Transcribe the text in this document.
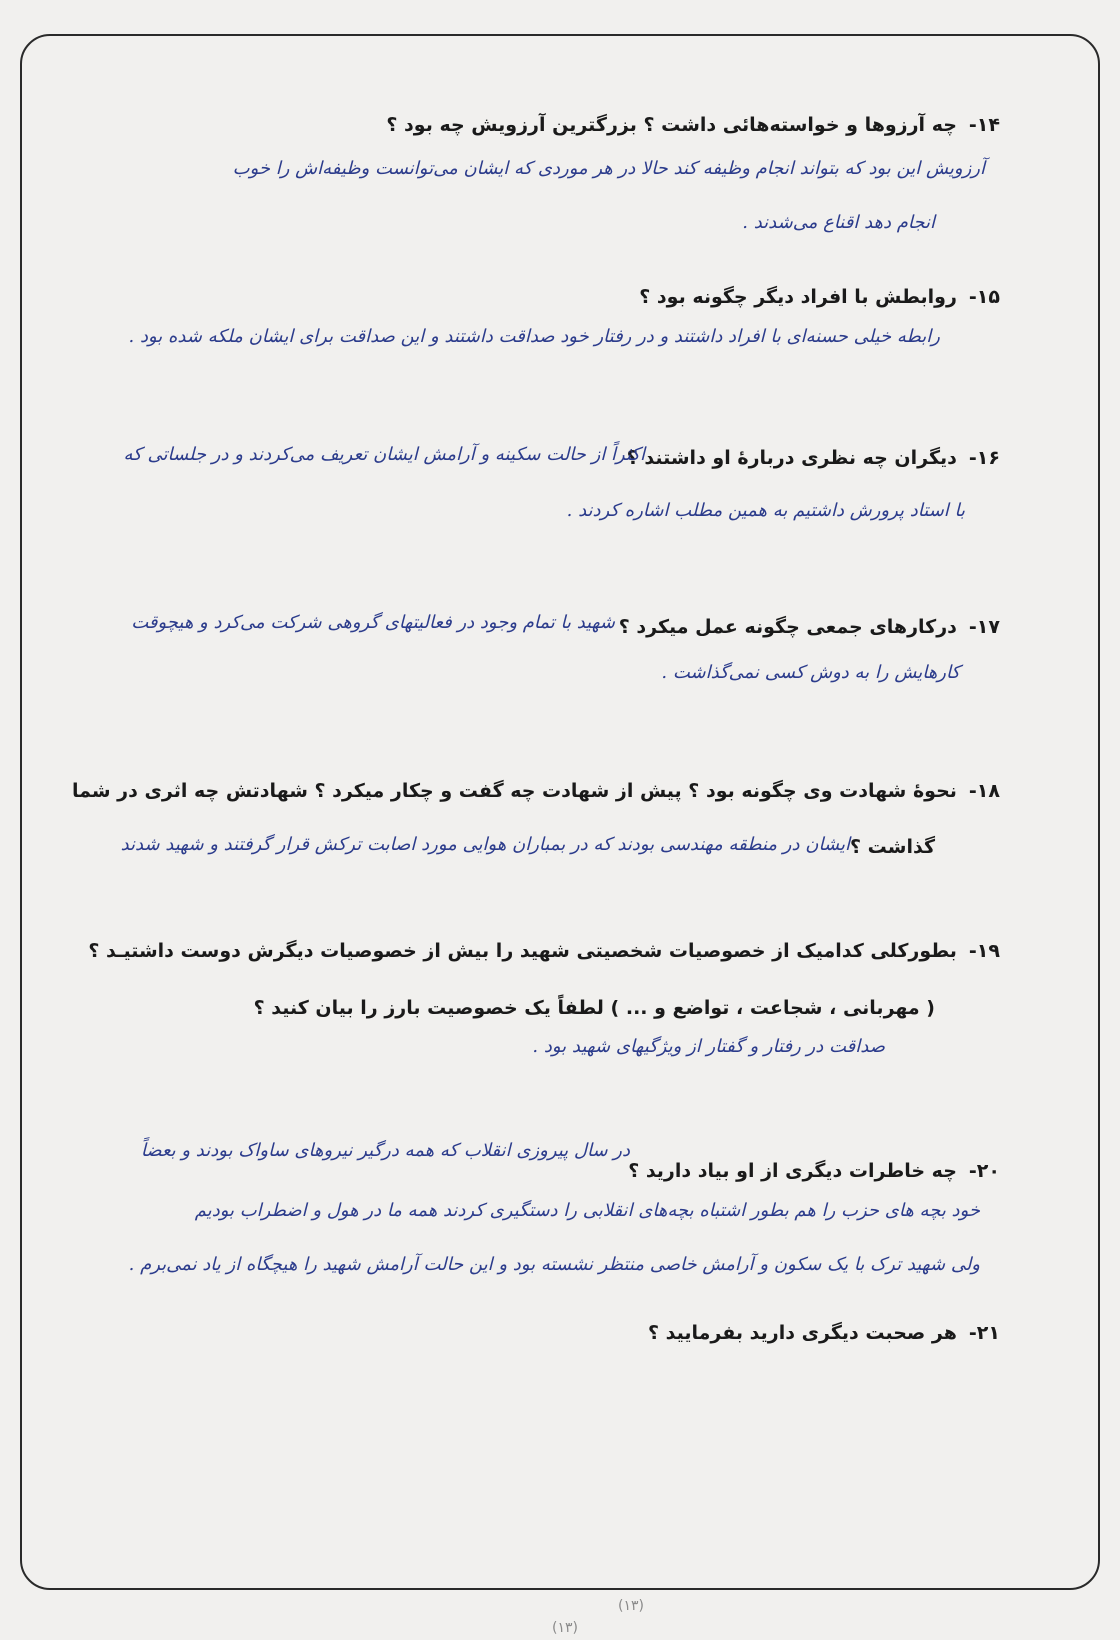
۱۴-چه آرزوها و خواسته‌هائی داشت ؟ بزرگترین آرزویش چه بود ؟
آرزویش این بود که بتواند انجام وظیفه کند حالا در هر موردی که ایشان می‌توانست وظیفه‌اش را خوب
انجام دهد اقناع می‌شدند .
۱۵-روابطش با افراد دیگر چگونه بود ؟
رابطه خیلی حسنه‌ای با افراد داشتند و در رفتار خود صداقت داشتند و این صداقت برای ایشان ملکه شده بود .
۱۶-دیگران چه نظری دربارهٔ او داشتند ؟
اکثراً از حالت سکینه و آرامش ایشان تعریف می‌کردند و در جلساتی که
با استاد پرورش داشتیم به همین مطلب اشاره کردند .
۱۷-درکارهای جمعی چگونه عمل میکرد ؟
شهید با تمام وجود در فعالیتهای گروهی شرکت می‌کرد و هیچوقت
کارهایش را به دوش کسی نمی‌گذاشت .
۱۸-نحوهٔ شهادت وی چگونه بود ؟ پیش از شهادت چه گفت و چکار میکرد ؟ شهادتش چه اثری در شما
گذاشت ؟
ایشان در منطقه مهندسی بودند که در بمباران هوایی مورد اصابت ترکش قرار گرفتند و شهید شدند
۱۹-بطورکلی کدامیک از خصوصیات شخصیتی شهید را بیش از خصوصیات دیگرش دوست داشتیـد ؟
( مهربانی ، شجاعت ، تواضع و ... ) لطفاً یک خصوصیت بارز را بیان کنید ؟
صداقت در رفتار و گفتار از ویژگیهای شهید بود .
۲۰-چه خاطرات دیگری از او بیاد دارید ؟
در سال پیروزی انقلاب که همه درگیر نیروهای ساواک بودند و بعضاً
خود بچه های حزب را هم بطور اشتباه بچه‌های انقلابی را دستگیری کردند همه ما در هول و اضطراب بودیم
ولی شهید ترک با یک سکون و آرامش خاصی منتظر نشسته بود و این حالت آرامش شهید را هیچگاه از یاد نمی‌برم .
۲۱-هر صحبت دیگری دارید بفرمایید ؟
(۱۳)
(۱۳)
